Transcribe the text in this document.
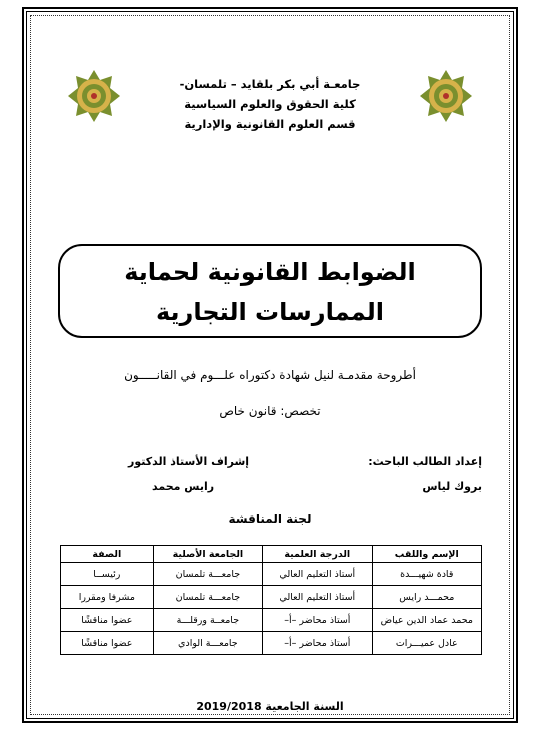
جامعـة أبي بكر بلقايد – تلمسان-
كلية الحقوق والعلوم السياسية
قسم العلوم القانونية والإدارية
الضوابط القانونية لحماية
الممارسات التجارية
أطروحة مقدمـة لنيل شهادة دكتوراه علـــوم في القانـــــون
تخصص: قانون خاص
إعداد الطالب الباحث:
بروك لياس
إشراف الأستاذ الدكتور
رايس محمد
لجنة المناقشة
الإسم واللقب	الدرجة العلمية	الجامعة الأصلية	الصفة
قادة شهيـــدة	أستاذ التعليم العالي	جامعـــة تلمسان	رئيســا
محمـــد رايس	أستاذ التعليم العالي	جامعـــة تلمسان	مشرفا ومقررا
محمد عماد الدين عياض	أستاذ محاضر –أ–	جامعــة ورقلـــة	عضوا مناقشًا
عادل عميـــرات	أستاذ محاضر –أ–	جامعـــة الوادي	عضوا مناقشًا
السنة الجامعية 2019/2018
